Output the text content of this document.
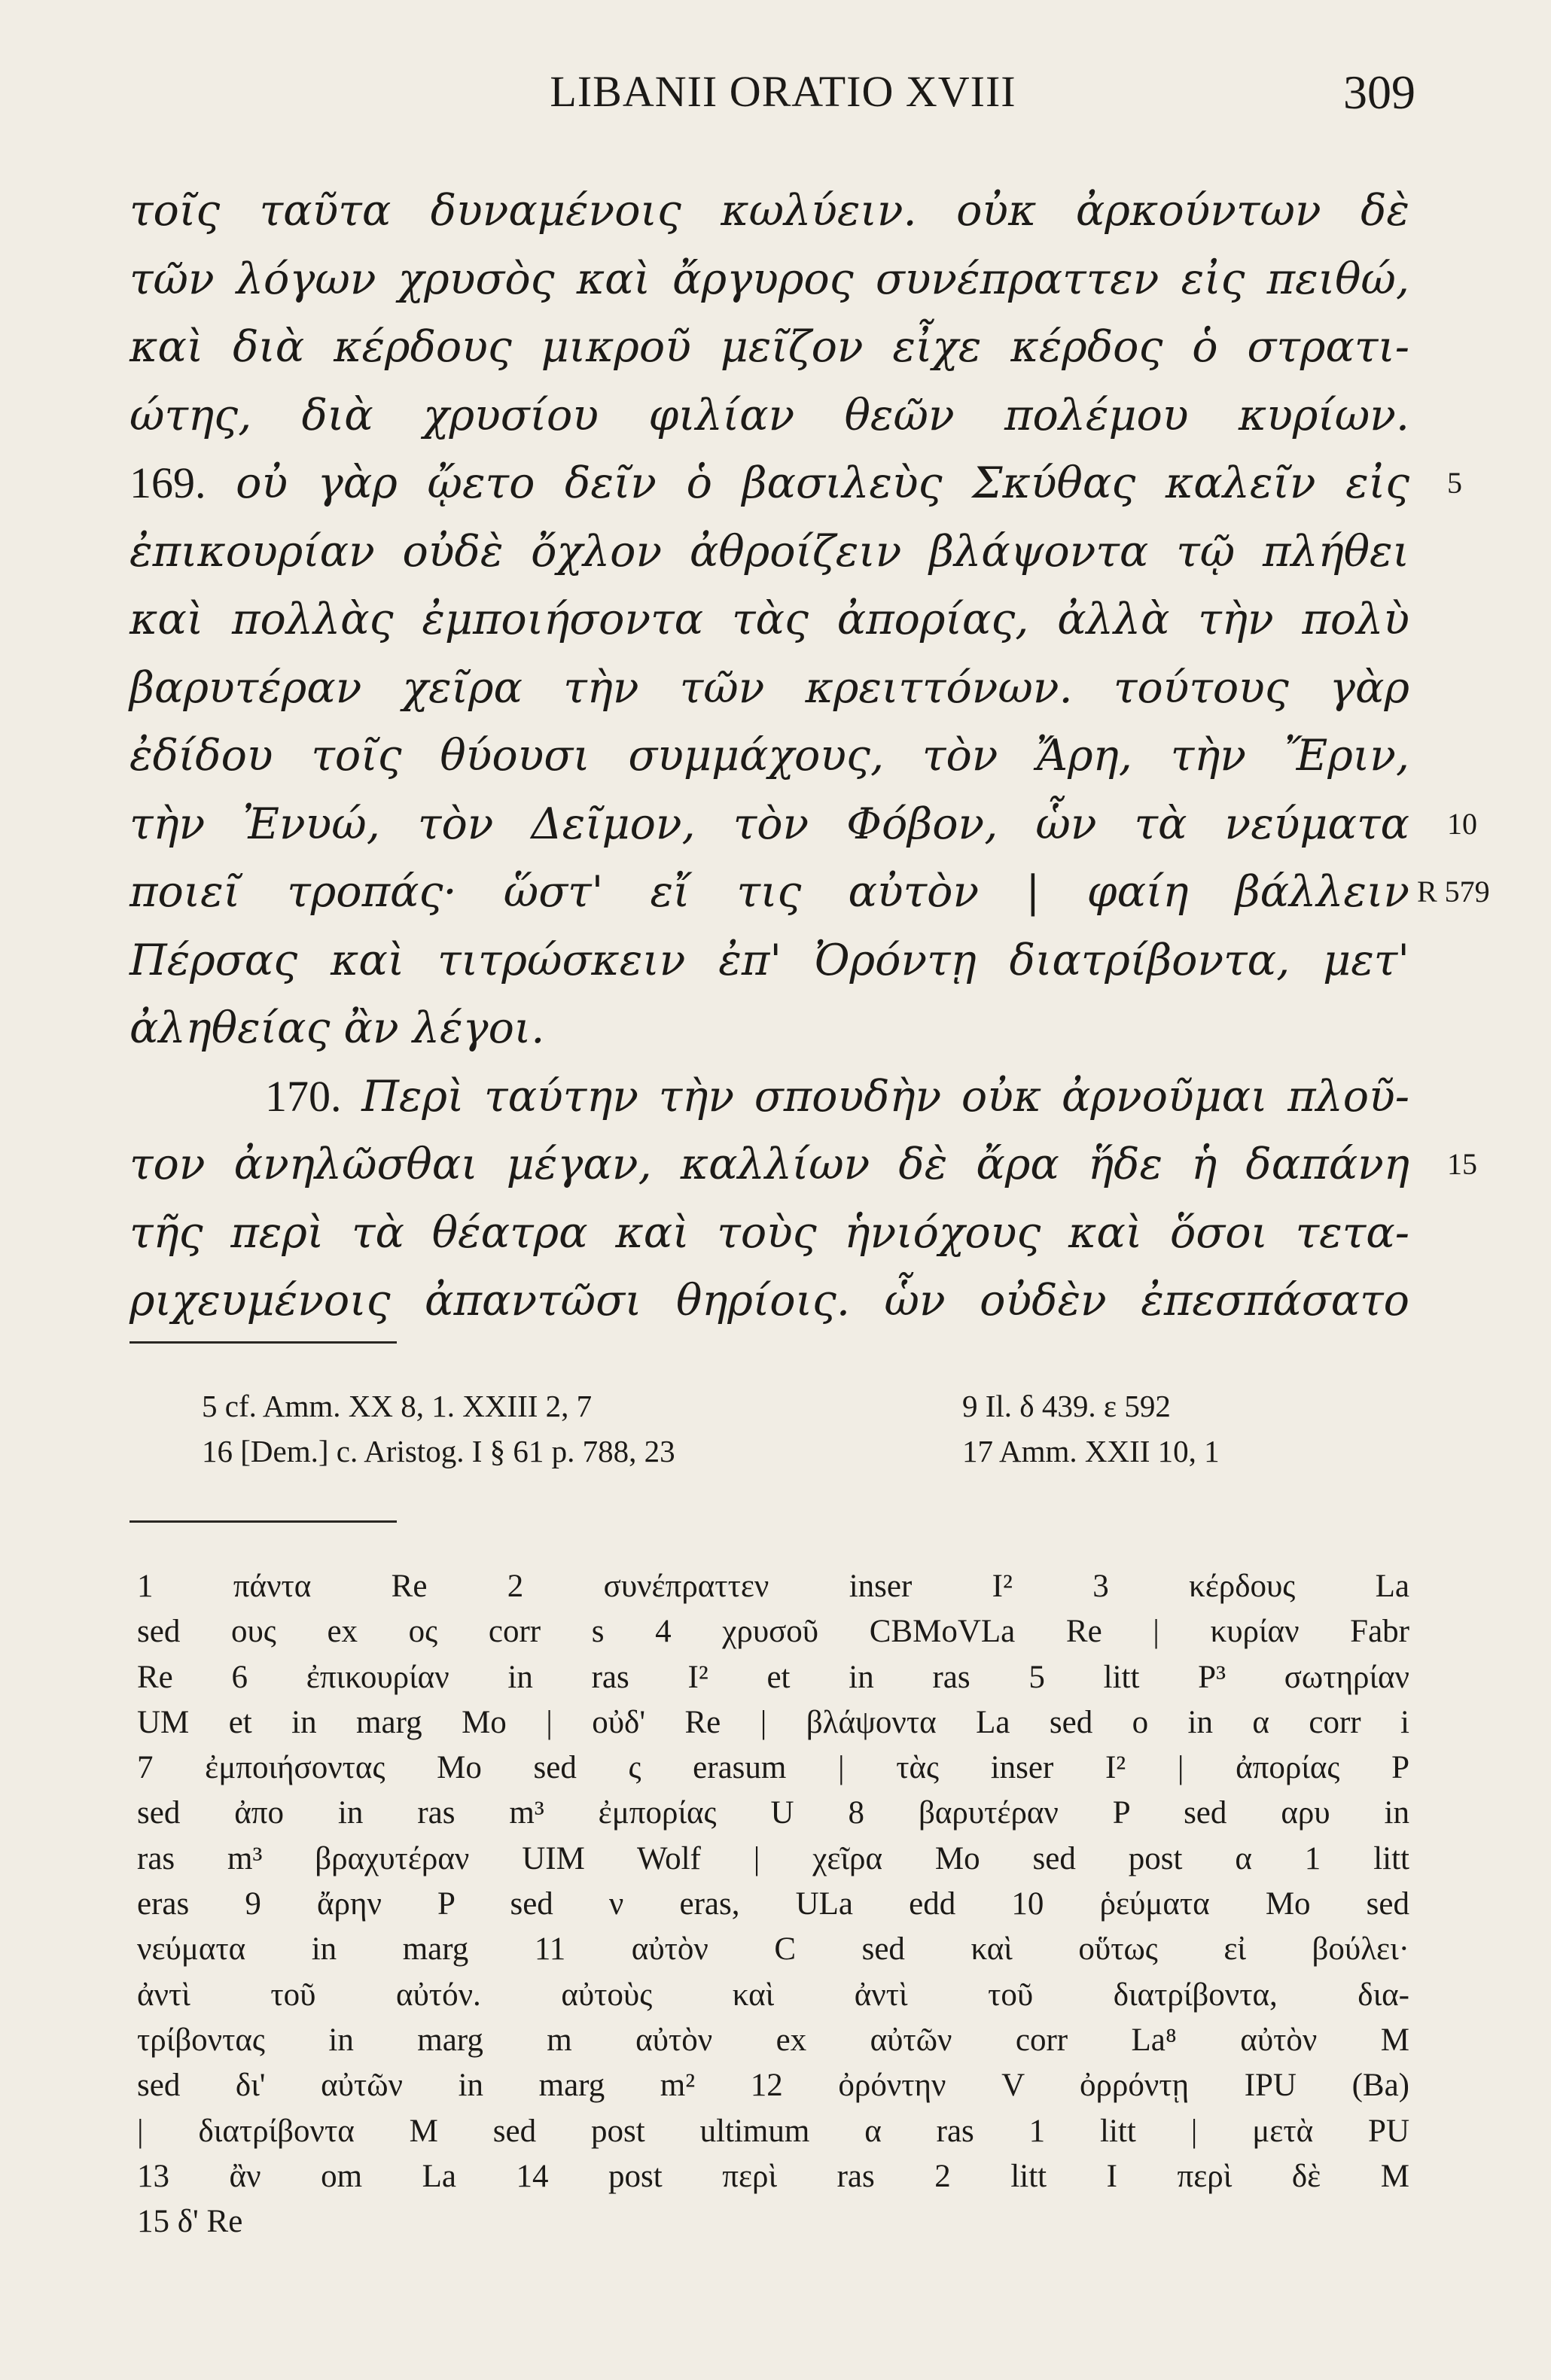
LIBANII ORATIO XVIII	309
τοῖς ταῦτα δυναμένοις κωλύειν. οὐκ ἀρκούντων δὲ
τῶν λόγων χρυσὸς καὶ ἄργυρος συνέπραττεν εἰς πειθώ,
καὶ διὰ κέρδους μικροῦ μεῖζον εἶχε κέρδος ὁ στρατι-
ώτης, διὰ χρυσίου φιλίαν θεῶν πολέμου κυρίων.
169. οὐ γὰρ ᾤετο δεῖν ὁ βασιλεὺς Σκύθας καλεῖν εἰς 5
ἐπικουρίαν οὐδὲ ὄχλον ἀθροίζειν βλάψοντα τῷ πλήθει
καὶ πολλὰς ἐμποιήσοντα τὰς ἀπορίας, ἀλλὰ τὴν πολὺ
βαρυτέραν χεῖρα τὴν τῶν κρειττόνων. τούτους γὰρ
ἐδίδου τοῖς θύουσι συμμάχους, τὸν Ἄρη, τὴν Ἔριν,
τὴν Ἐνυώ, τὸν Δεῖμον, τὸν Φόβον, ὧν τὰ νεύματα 10
ποιεῖ τροπάς· ὥστ' εἴ τις αὐτὸν | φαίη βάλλειν R 579
Πέρσας καὶ τιτρώσκειν ἐπ' Ὀρόντῃ διατρίβοντα, μετ'
ἀληθείας ἂν λέγοι.
170. Περὶ ταύτην τὴν σπουδὴν οὐκ ἀρνοῦμαι πλοῦ-
τον ἀνηλῶσθαι μέγαν, καλλίων δὲ ἄρα ἥδε ἡ δαπάνη 15
τῆς περὶ τὰ θέατρα καὶ τοὺς ἡνιόχους καὶ ὅσοι τετα-
ριχευμένοις ἀπαντῶσι θηρίοις. ὧν οὐδὲν ἐπεσπάσατο
5 cf. Amm. XX 8, 1. XXIII 2, 7	9 Il. δ 439. ε 592
16 [Dem.] c. Aristog. I § 61 p. 788, 23	17 Amm. XXII 10, 1
1 πάντα Re 2 συνέπραττεν inser I² 3 κέρδους La
sed ους ex ος corr s 4 χρυσοῦ CBMoVLa Re | κυρίαν Fabr
Re 6 ἐπικουρίαν in ras I² et in ras 5 litt P³ σωτηρίαν
UM et in marg Mo | οὐδ' Re | βλάψοντα La sed o in α corr i
7 ἐμποιήσοντας Mo sed ς erasum | τὰς inser I² | ἀπορίας P
sed ἀπο in ras m³ ἐμπορίας U 8 βαρυτέραν P sed αρυ in
ras m³ βραχυτέραν UIM Wolf | χεῖρα Mo sed post α 1 litt
eras 9 ἄρην P sed ν eras, ULa edd 10 ῥεύματα Mo sed
νεύματα in marg 11 αὐτὸν C sed καὶ οὕτως εἰ βούλει·
ἀντὶ τοῦ αὐτόν. αὐτοὺς καὶ ἀντὶ τοῦ διατρίβοντα, δια-
τρίβοντας in marg m αὐτὸν ex αὐτῶν corr La⁸ αὐτὸν M
sed δι' αὐτῶν in marg m² 12 ὀρόντην V ὀρρόντῃ IPU (Ba)
| διατρίβοντα M sed post ultimum α ras 1 litt | μετὰ PU
13 ἂν om La 14 post περὶ ras 2 litt I περὶ δὲ M
15 δ' Re
